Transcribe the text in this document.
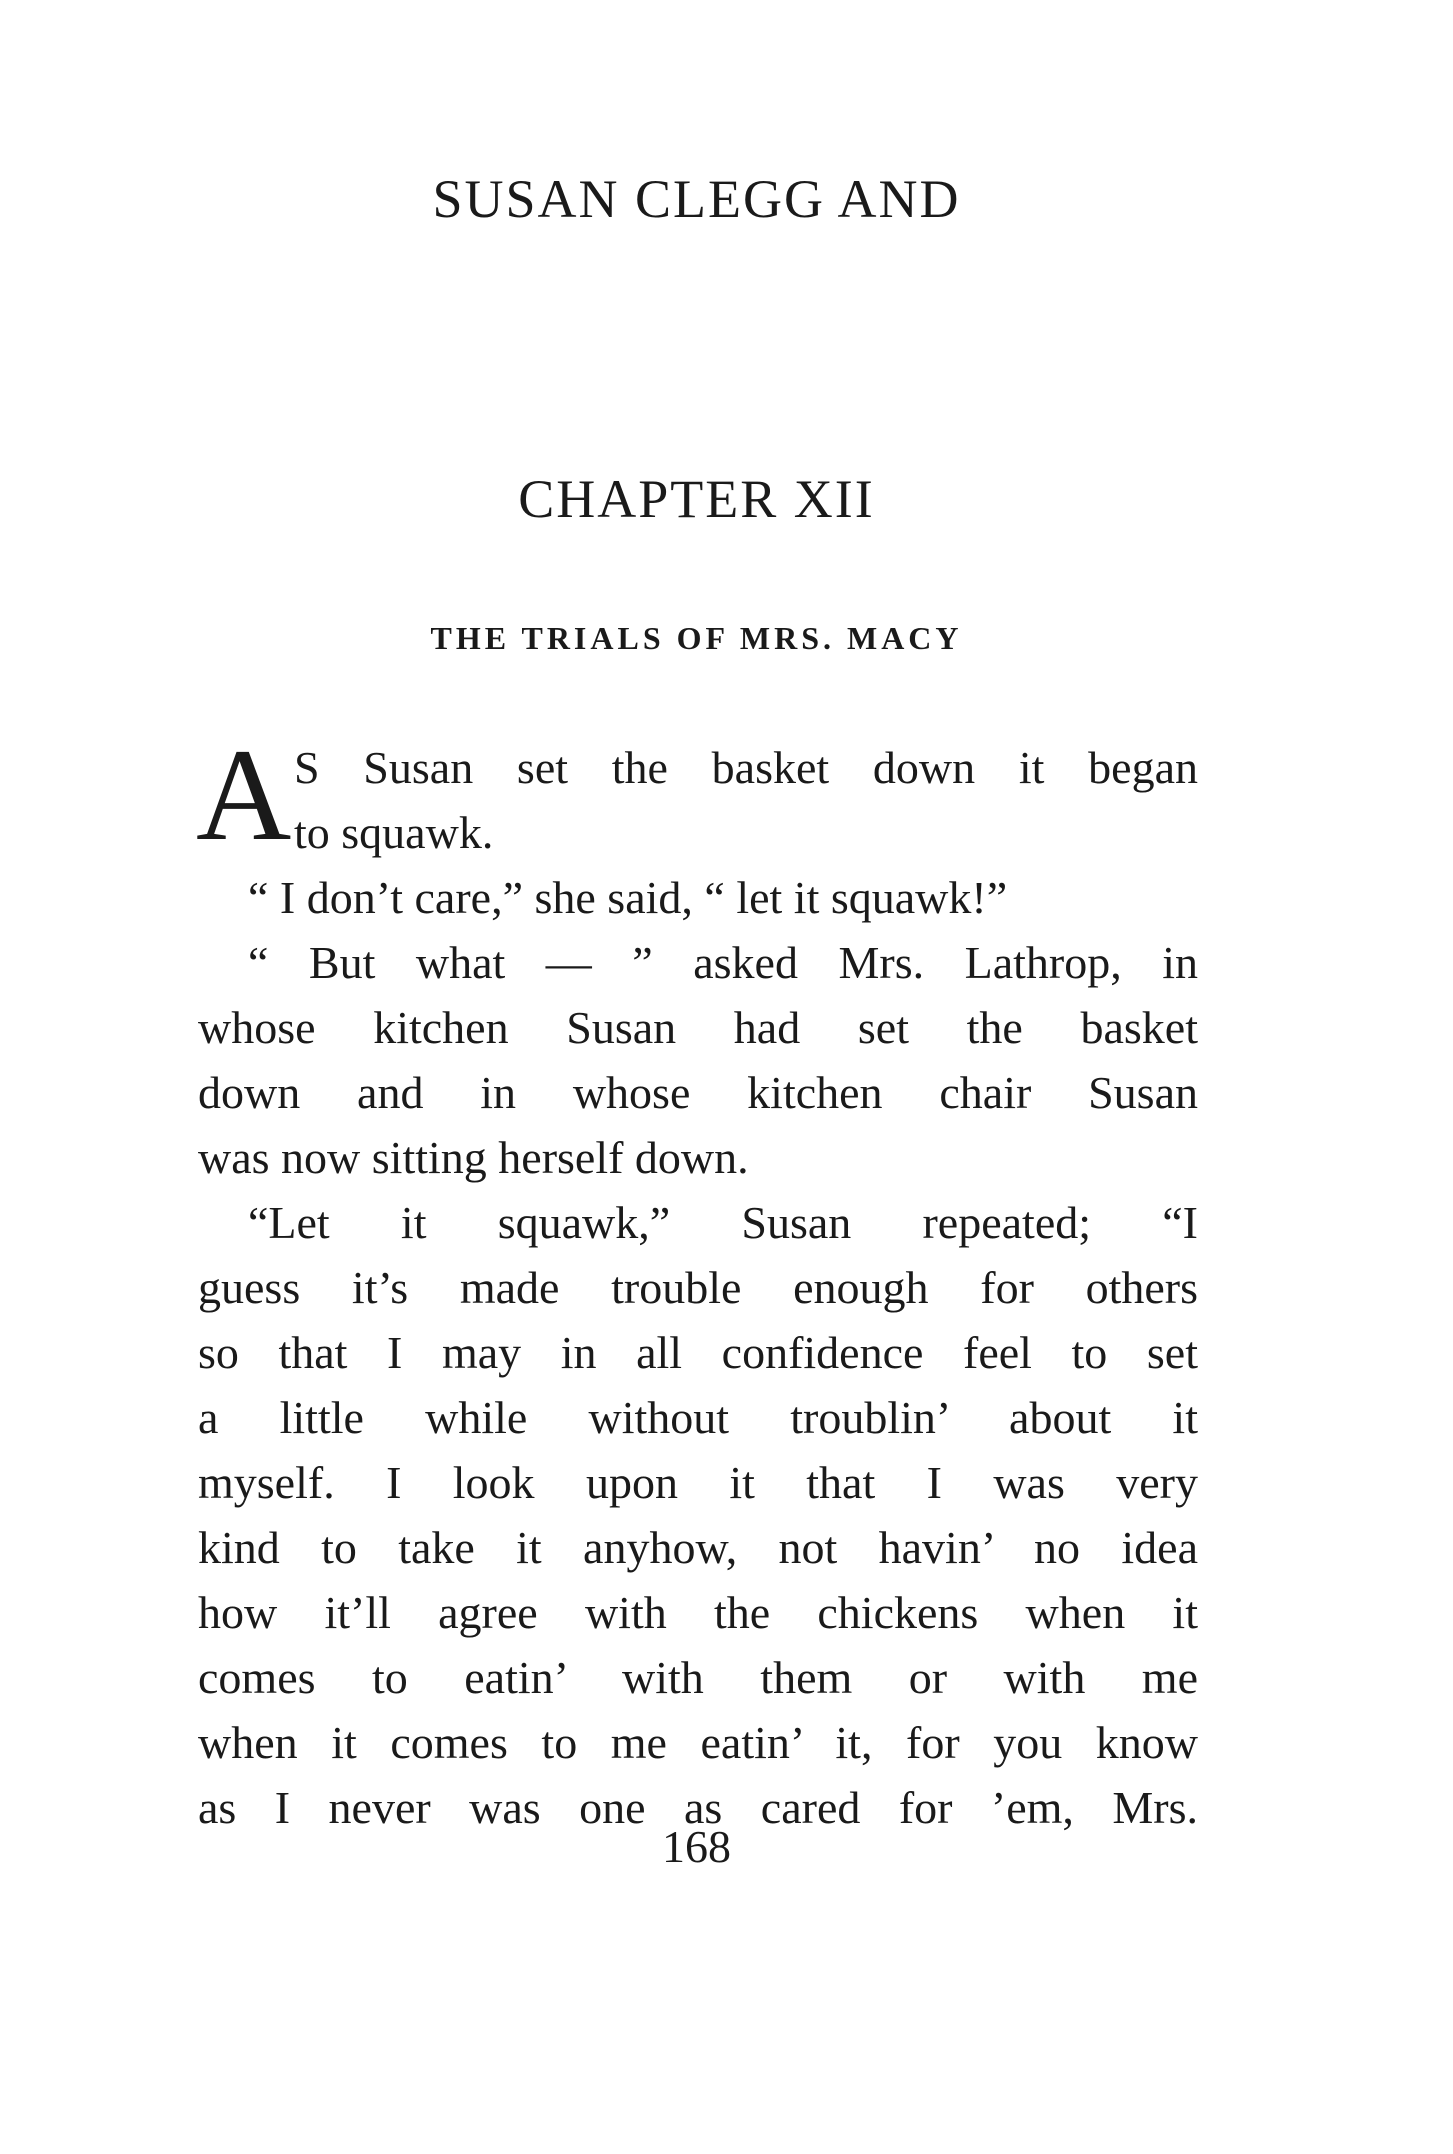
SUSAN CLEGG AND
CHAPTER XII
THE TRIALS OF MRS. MACY
A S Susan set the basket down it began
to squawk.
“ I don’t care,” she said, “ let it squawk!”
“ But what — ” asked Mrs. Lathrop, in
whose kitchen Susan had set the basket
down and in whose kitchen chair Susan
was now sitting herself down.
“Let it squawk,” Susan repeated; “I
guess it’s made trouble enough for others
so that I may in all confidence feel to set
a little while without troublin’ about it
myself. I look upon it that I was very
kind to take it anyhow, not havin’ no idea
how it’ll agree with the chickens when it
comes to eatin’ with them or with me
when it comes to me eatin’ it, for you know
as I never was one as cared for ’em, Mrs.
168
